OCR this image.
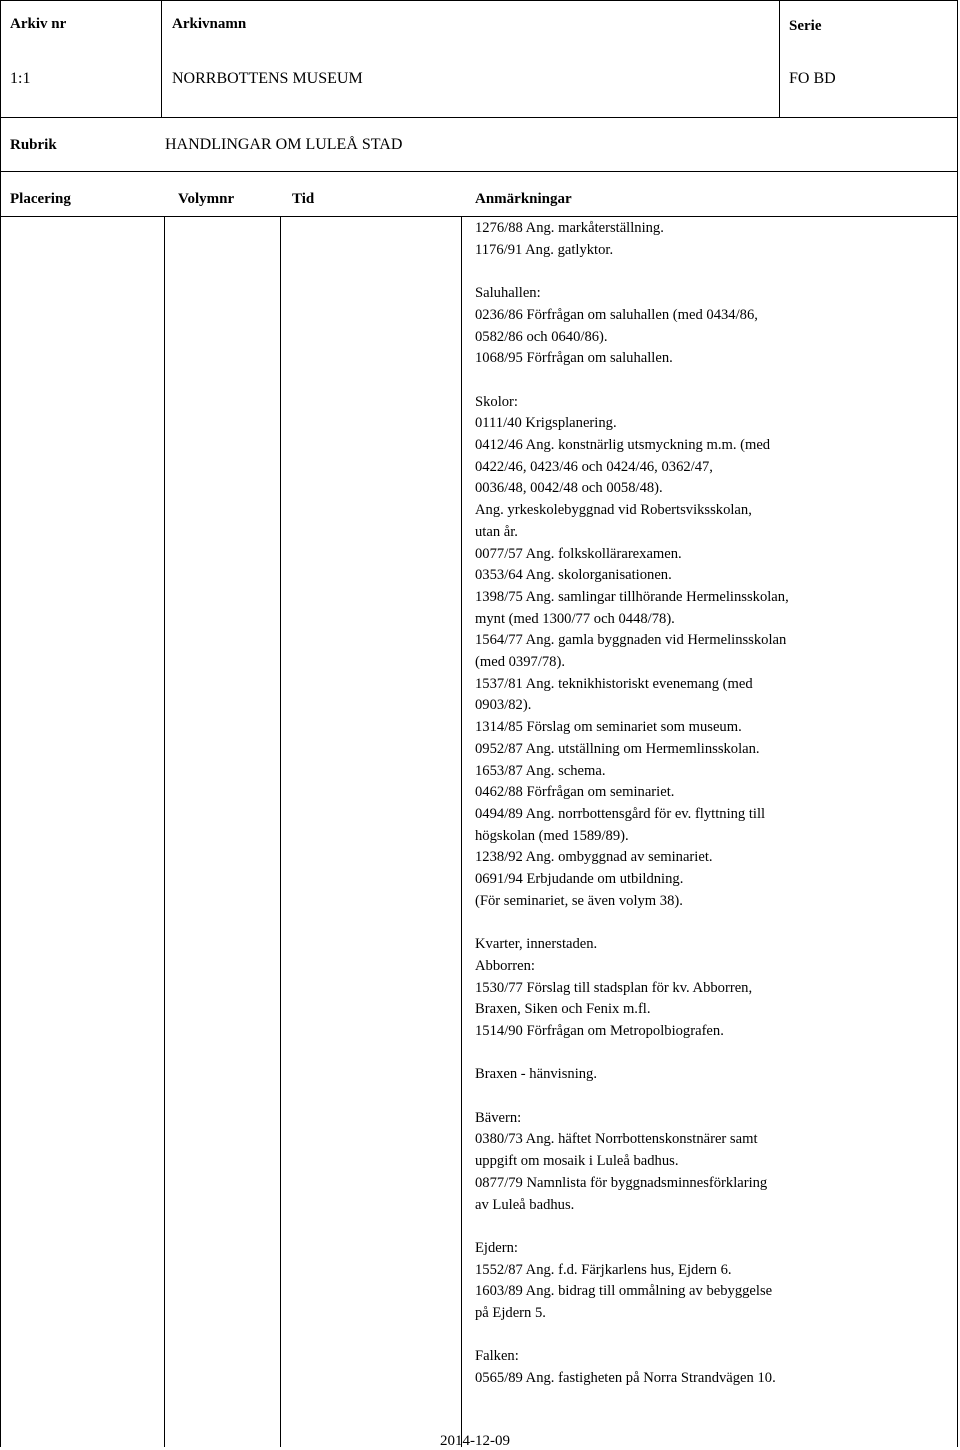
Arkiv nr	Arkivnamn	Serie
1:1	NORRBOTTENS MUSEUM	FO BD
Rubrik	HANDLINGAR OM LULEÅ STAD
Placering	Volymnr	Tid	Anmärkningar
1276/88 Ang. markåterställning.
1176/91 Ang. gatlyktor.
Saluhallen:
0236/86 Förfrågan om saluhallen (med 0434/86,
0582/86 och 0640/86).
1068/95 Förfrågan om saluhallen.
Skolor:
0111/40 Krigsplanering.
0412/46 Ang. konstnärlig utsmyckning m.m. (med
0422/46, 0423/46 och 0424/46, 0362/47,
0036/48, 0042/48 och 0058/48).
Ang. yrkeskolebyggnad vid Robertsviksskolan,
utan år.
0077/57 Ang. folkskollärarexamen.
0353/64 Ang. skolorganisationen.
1398/75 Ang. samlingar tillhörande Hermelinsskolan,
mynt (med 1300/77 och 0448/78).
1564/77 Ang. gamla byggnaden vid Hermelinsskolan
(med 0397/78).
1537/81 Ang. teknikhistoriskt evenemang (med
0903/82).
1314/85 Förslag om seminariet som museum.
0952/87 Ang. utställning om Hermemlinsskolan.
1653/87 Ang. schema.
0462/88 Förfrågan om seminariet.
0494/89 Ang. norrbottensgård för ev. flyttning till
högskolan (med 1589/89).
1238/92 Ang. ombyggnad av seminariet.
0691/94 Erbjudande om utbildning.
(För seminariet, se även volym 38).
Kvarter, innerstaden.
Abborren:
1530/77 Förslag till stadsplan för kv. Abborren,
Braxen, Siken och Fenix m.fl.
1514/90 Förfrågan om Metropolbiografen.
Braxen - hänvisning.
Bävern:
0380/73 Ang. häftet Norrbottenskonstnärer samt
uppgift om mosaik i Luleå badhus.
0877/79 Namnlista för byggnadsminnesförklaring
av Luleå badhus.
Ejdern:
1552/87 Ang. f.d. Färjkarlens hus, Ejdern 6.
1603/89 Ang. bidrag till ommålning av bebyggelse
på Ejdern 5.
Falken:
0565/89 Ang. fastigheten på Norra Strandvägen 10.
2014-12-09
